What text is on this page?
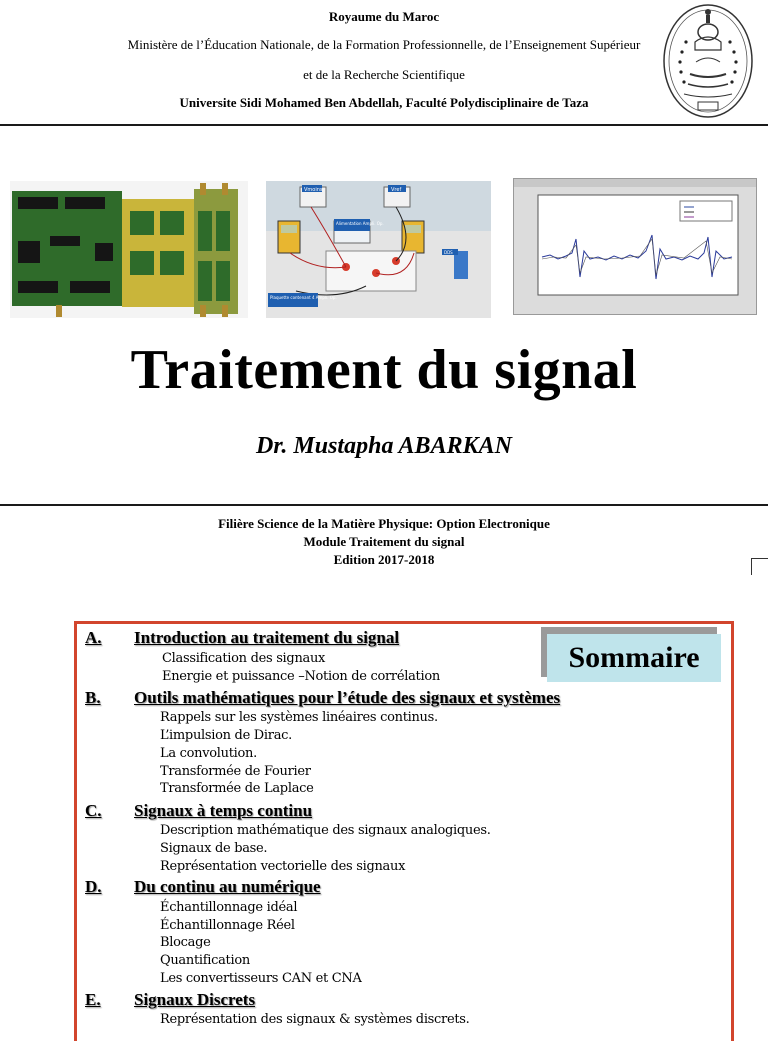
Royaume du Maroc
Ministère de l’Éducation Nationale, de la Formation Professionnelle, de l’Enseignement Supérieur
et de la Recherche Scientifique
Universite Sidi Mohamed Ben Abdellah, Faculté Polydisciplinaire de Taza
Vmoins	Vref
Alimentation Ampli. Op.
DDS
Plaquette contenant 4 Ampli. Op.
Traitement du signal
Dr. Mustapha ABARKAN
Filière Science de la Matière Physique: Option Electronique
Module Traitement du signal
Edition 2017-2018
Sommaire
A. Introduction au traitement du signal
Classification des signaux
Energie et puissance –Notion de corrélation
B. Outils mathématiques pour l’étude des signaux et systèmes
Rappels sur les systèmes linéaires continus.
L’impulsion de Dirac.
La convolution.
Transformée de Fourier
Transformée de Laplace
C. Signaux à temps continu
Description mathématique des signaux analogiques.
Signaux de base.
Représentation vectorielle des signaux
D. Du continu au numérique
Échantillonnage idéal
Échantillonnage Réel
Blocage
Quantification
Les convertisseurs CAN et CNA
E. Signaux Discrets
Représentation des signaux & systèmes discrets.
